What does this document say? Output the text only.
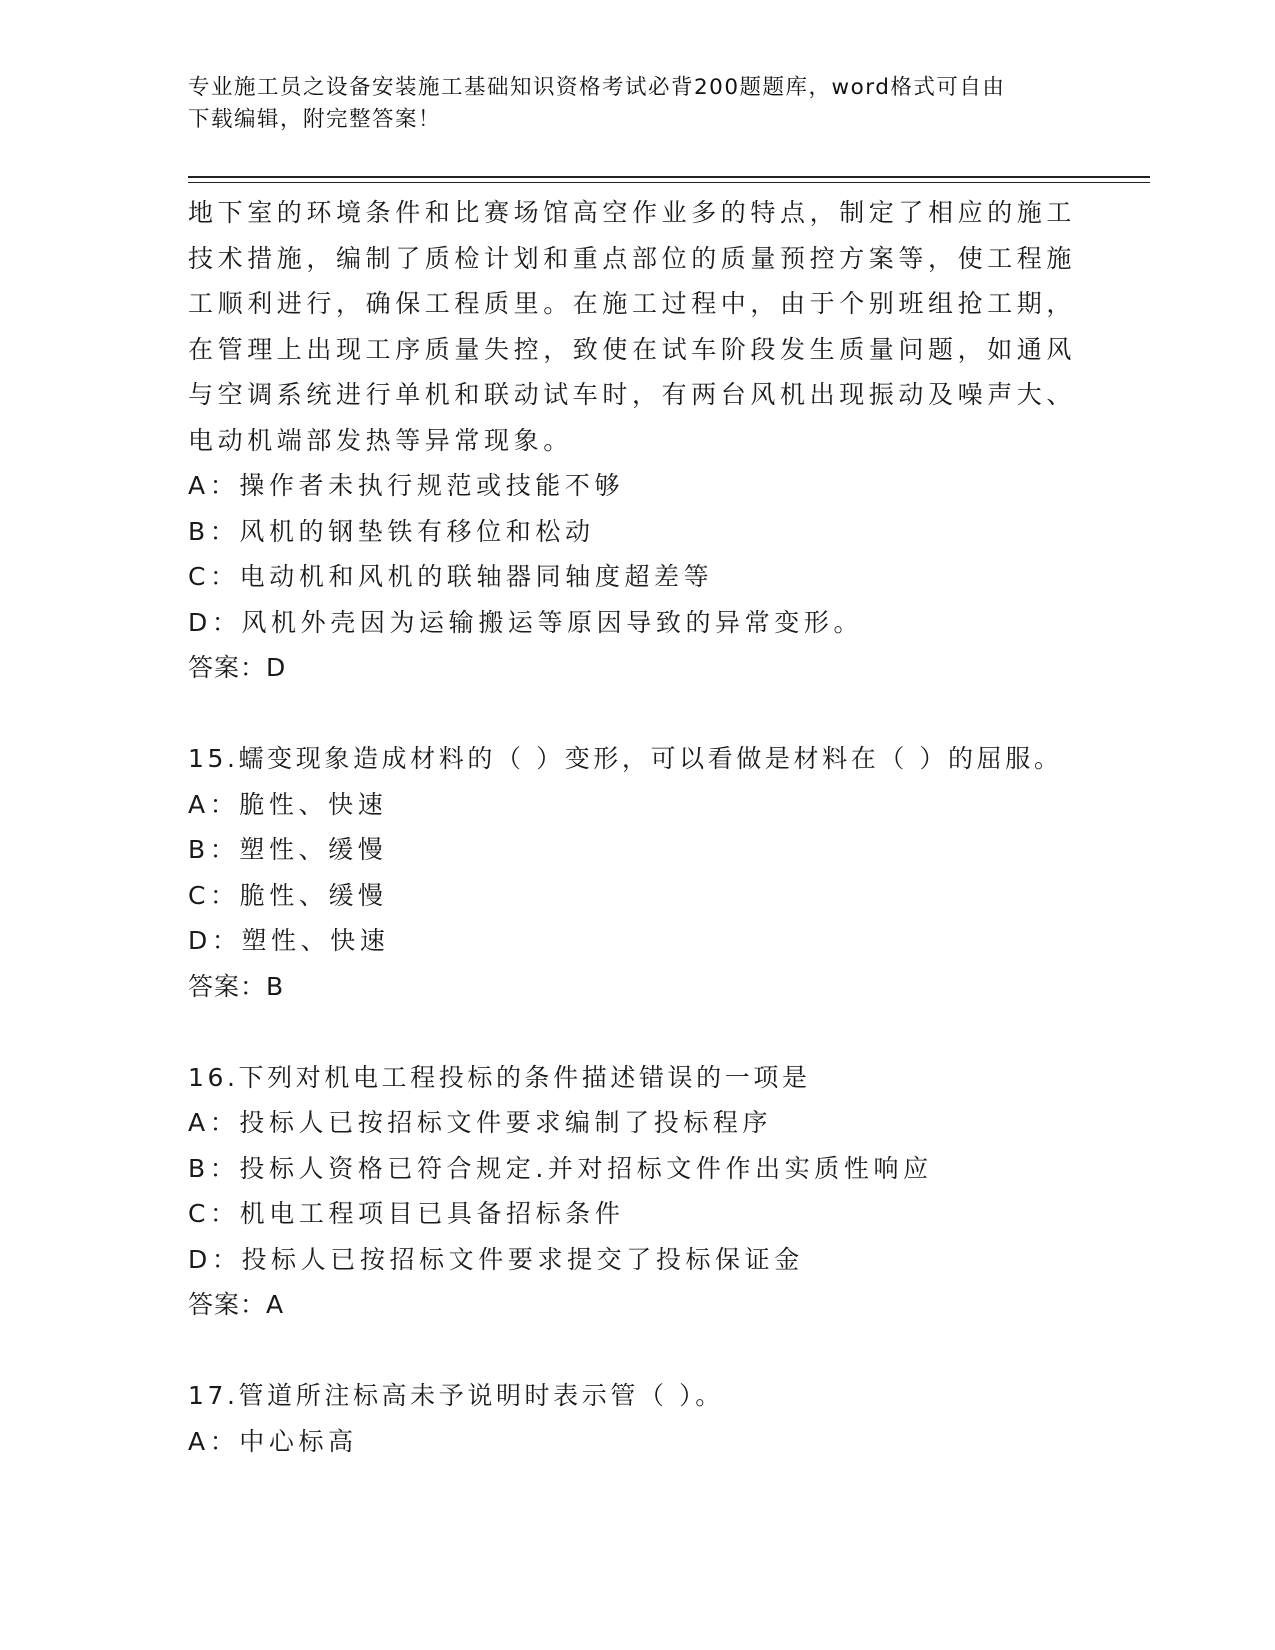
专业施工员之设备安装施工基础知识资格考试必背200题题库，word格式可自由
下载编辑，附完整答案！
地下室的环境条件和比赛场馆高空作业多的特点，制定了相应的施工
技术措施，编制了质检计划和重点部位的质量预控方案等，使工程施
工顺利进行，确保工程质里。在施工过程中，由于个别班组抢工期，
在管理上出现工序质量失控，致使在试车阶段发生质量问题，如通风
与空调系统进行单机和联动试车时，有两台风机出现振动及噪声大、
电动机端部发热等异常现象。
A：操作者未执行规范或技能不够
B：风机的钢垫铁有移位和松动
C：电动机和风机的联轴器同轴度超差等
D：风机外壳因为运输搬运等原因导致的异常变形。
答案：D
15.蠕变现象造成材料的（ ）变形，可以看做是材料在（ ）的屈服。
A：脆性、快速
B：塑性、缓慢
C：脆性、缓慢
D：塑性、快速
答案：B
16.下列对机电工程投标的条件描述错误的一项是
A：投标人已按招标文件要求编制了投标程序
B：投标人资格已符合规定.并对招标文件作出实质性响应
C：机电工程项目已具备招标条件
D：投标人已按招标文件要求提交了投标保证金
答案：A
17.管道所注标高未予说明时表示管（ ）。
A：中心标高
